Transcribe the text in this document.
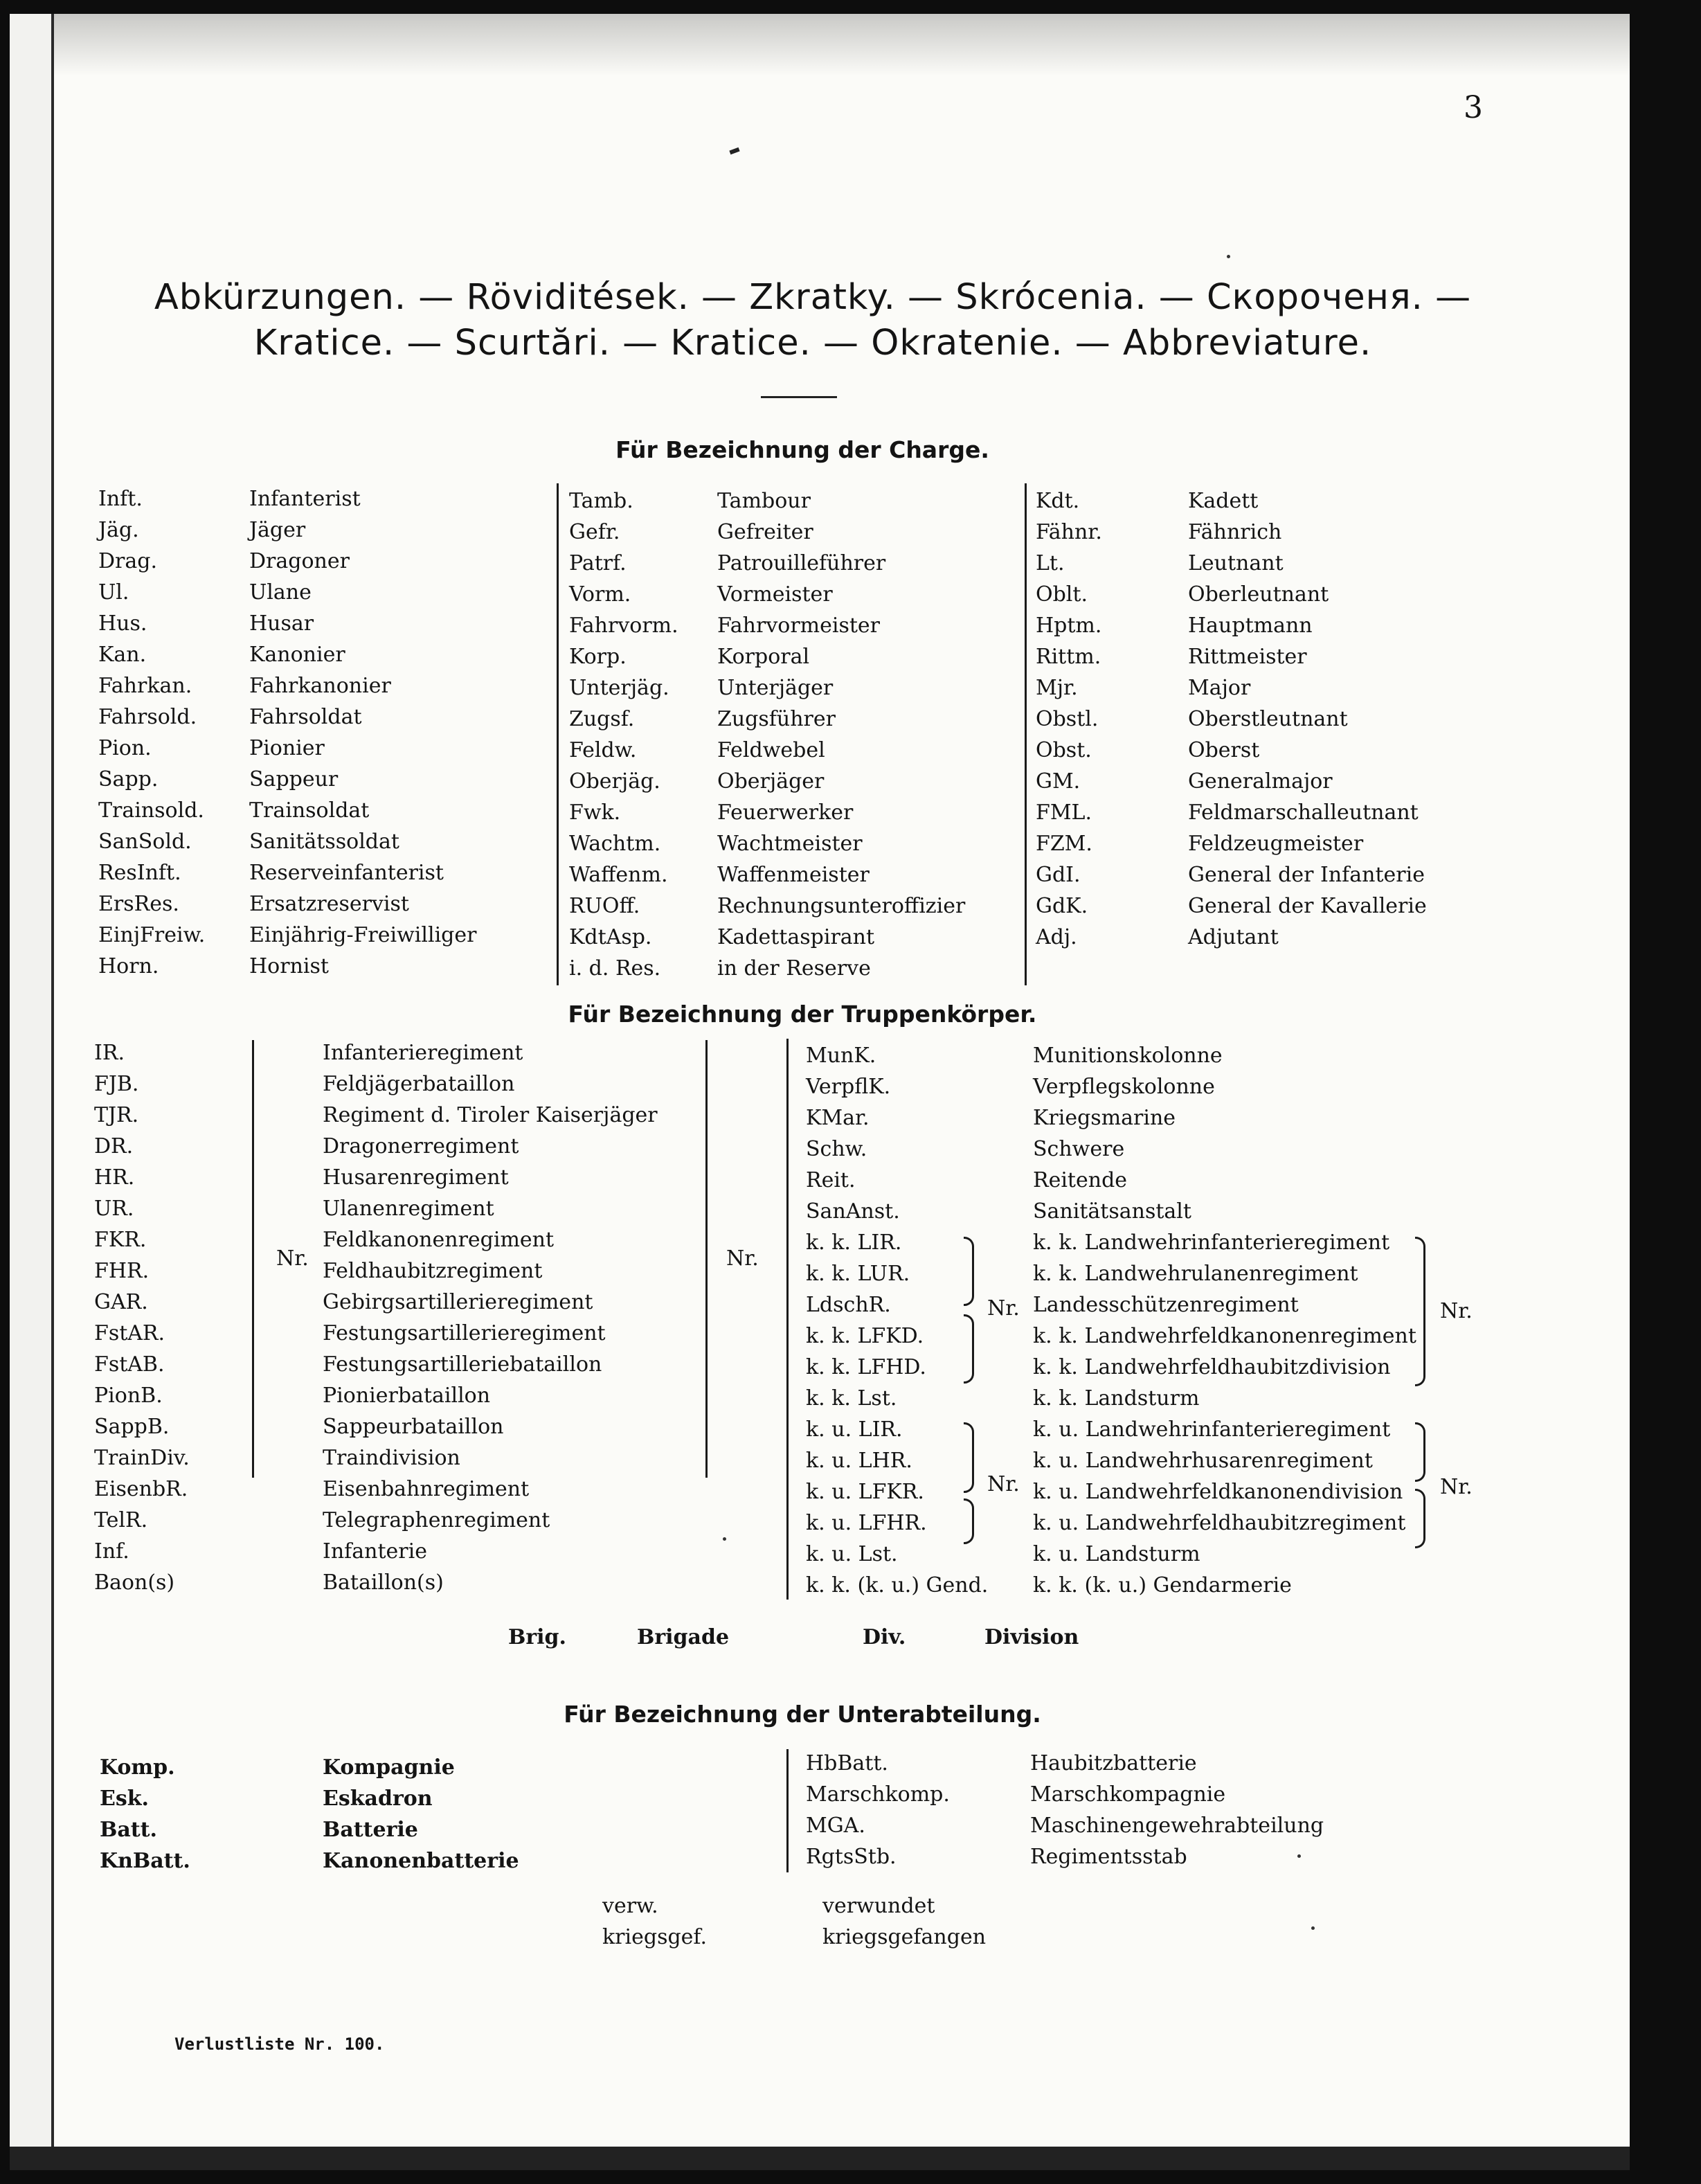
3
Abkürzungen. — Röviditések. — Zkratky. — Skrócenia. — Скороченя. —
Kratice. — Scurtări. — Kratice. — Okratenie. — Abbreviature.
Für Bezeichnung der Charge.
Für Bezeichnung der Truppenkörper.
Nr.	Nr.
Nr.	Nr.
Nr.	Nr.
Brig.	Brigade	Div.	Division
Für Bezeichnung der Unterabteilung.
Verlustliste Nr. 100.
Inft.	Infanterist
Jäg.	Jäger
Drag.	Dragoner
Ul.	Ulane
Hus.	Husar
Kan.	Kanonier
Fahrkan.	Fahrkanonier
Fahrsold.	Fahrsoldat
Pion.	Pionier
Sapp.	Sappeur
Trainsold. Trainsoldat
SanSold.	Sanitätssoldat
ResInft.	Reserveinfanterist
ErsRes.	Ersatzreservist
EinjFreiw. Einjährig-Freiwilliger
Horn.	Hornist
Tamb.	Tambour
Gefr.	Gefreiter
Patrf.	Patrouilleführer
Vorm.	Vormeister
Fahrvorm. Fahrvormeister
Korp.	Korporal
Unterjäg. Unterjäger
Zugsf.	Zugsführer
Feldw.	Feldwebel
Oberjäg.	Oberjäger
Fwk.	Feuerwerker
Wachtm.	Wachtmeister
Waffenm. Waffenmeister
RUOff.	Rechnungsunteroffizier
KdtAsp.	Kadettaspirant
i. d. Res.	in der Reserve
Kdt.	Kadett
Fähnr.	Fähnrich
Lt.	Leutnant
Oblt.	Oberleutnant
Hptm.	Hauptmann
Rittm.	Rittmeister
Mjr.	Major
Obstl.	Oberstleutnant
Obst.	Oberst
GM.	Generalmajor
FML.	Feldmarschalleutnant
FZM.	Feldzeugmeister
GdI.	General der Infanterie
GdK.	General der Kavallerie
Adj.	Adjutant
IR.	Infanterieregiment
FJB.	Feldjägerbataillon
TJR.	Regiment d. Tiroler Kaiserjäger
DR.	Dragonerregiment
HR.	Husarenregiment
UR.	Ulanenregiment
FKR.	Feldkanonenregiment
FHR.	Feldhaubitzregiment
GAR.	Gebirgsartillerieregiment
FstAR.	Festungsartillerieregiment
FstAB.	Festungsartilleriebataillon
PionB.	Pionierbataillon
SappB.	Sappeurbataillon
TrainDiv.	Traindivision
EisenbR.	Eisenbahnregiment
TelR.	Telegraphenregiment
Inf.	Infanterie
Baon(s)	Bataillon(s)
MunK.	Munitionskolonne
VerpflK.	Verpflegskolonne
KMar.	Kriegsmarine
Schw.	Schwere
Reit.	Reitende
SanAnst.	Sanitätsanstalt
k. k. LIR.	k. k. Landwehrinfanterieregiment
k. k. LUR.	k. k. Landwehrulanenregiment
LdschR.	Landesschützenregiment
k. k. LFKD.	k. k. Landwehrfeldkanonenregiment
k. k. LFHD.	k. k. Landwehrfeldhaubitzdivision
k. k. Lst.	k. k. Landsturm
k. u. LIR.	k. u. Landwehrinfanterieregiment
k. u. LHR.	k. u. Landwehrhusarenregiment
k. u. LFKR.	k. u. Landwehrfeldkanonendivision
k. u. LFHR.	k. u. Landwehrfeldhaubitzregiment
k. u. Lst.	k. u. Landsturm
k. k. (k. u.) Gend. k. k. (k. u.) Gendarmerie
Komp.	Kompagnie
Esk.	Eskadron
Batt.	Batterie
KnBatt.	Kanonenbatterie
HbBatt.	Haubitzbatterie
Marschkomp.	Marschkompagnie
MGA.	Maschinengewehrabteilung
RgtsStb.	Regimentsstab
verw.	verwundet
kriegsgef.	kriegsgefangen
